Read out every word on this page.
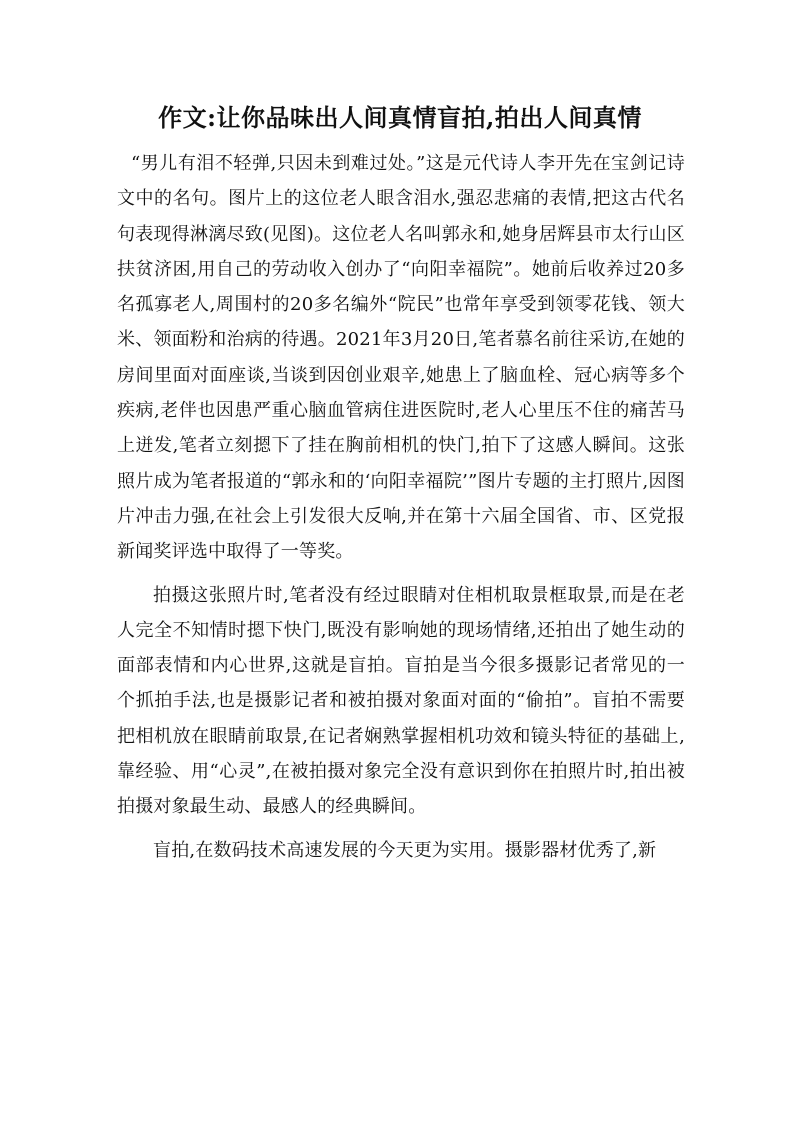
作文:让你品味出人间真情盲拍,拍出人间真情

“男儿有泪不轻弹,只因未到难过处。”这是元代诗人李开先在宝剑记诗文中的名句。图片上的这位老人眼含泪水,强忍悲痛的表情,把这古代名句表现得淋漓尽致(见图)。这位老人名叫郭永和,她身居辉县市太行山区扶贫济困,用自己的劳动收入创办了“向阳幸福院”。她前后收养过20多名孤寡老人,周围村的20多名编外“院民”也常年享受到领零花钱、领大米、领面粉和治病的待遇。2021年3月20日,笔者慕名前往采访,在她的房间里面对面座谈,当谈到因创业艰辛,她患上了脑血栓、冠心病等多个疾病,老伴也因患严重心脑血管病住进医院时,老人心里压不住的痛苦马上迸发,笔者立刻摁下了挂在胸前相机的快门,拍下了这感人瞬间。这张照片成为笔者报道的“郭永和的‘向阳幸福院’”图片专题的主打照片,因图片冲击力强,在社会上引发很大反响,并在第十六届全国省、市、区党报新闻奖评选中取得了一等奖。

拍摄这张照片时,笔者没有经过眼睛对住相机取景框取景,而是在老人完全不知情时摁下快门,既没有影响她的现场情绪,还拍出了她生动的面部表情和内心世界,这就是盲拍。盲拍是当今很多摄影记者常见的一个抓拍手法,也是摄影记者和被拍摄对象面对面的“偷拍”。盲拍不需要把相机放在眼睛前取景,在记者娴熟掌握相机功效和镜头特征的基础上,靠经验、用“心灵”,在被拍摄对象完全没有意识到你在拍照片时,拍出被拍摄对象最生动、最感人的经典瞬间。

盲拍,在数码技术高速发展的今天更为实用。摄影器材优秀了,新
